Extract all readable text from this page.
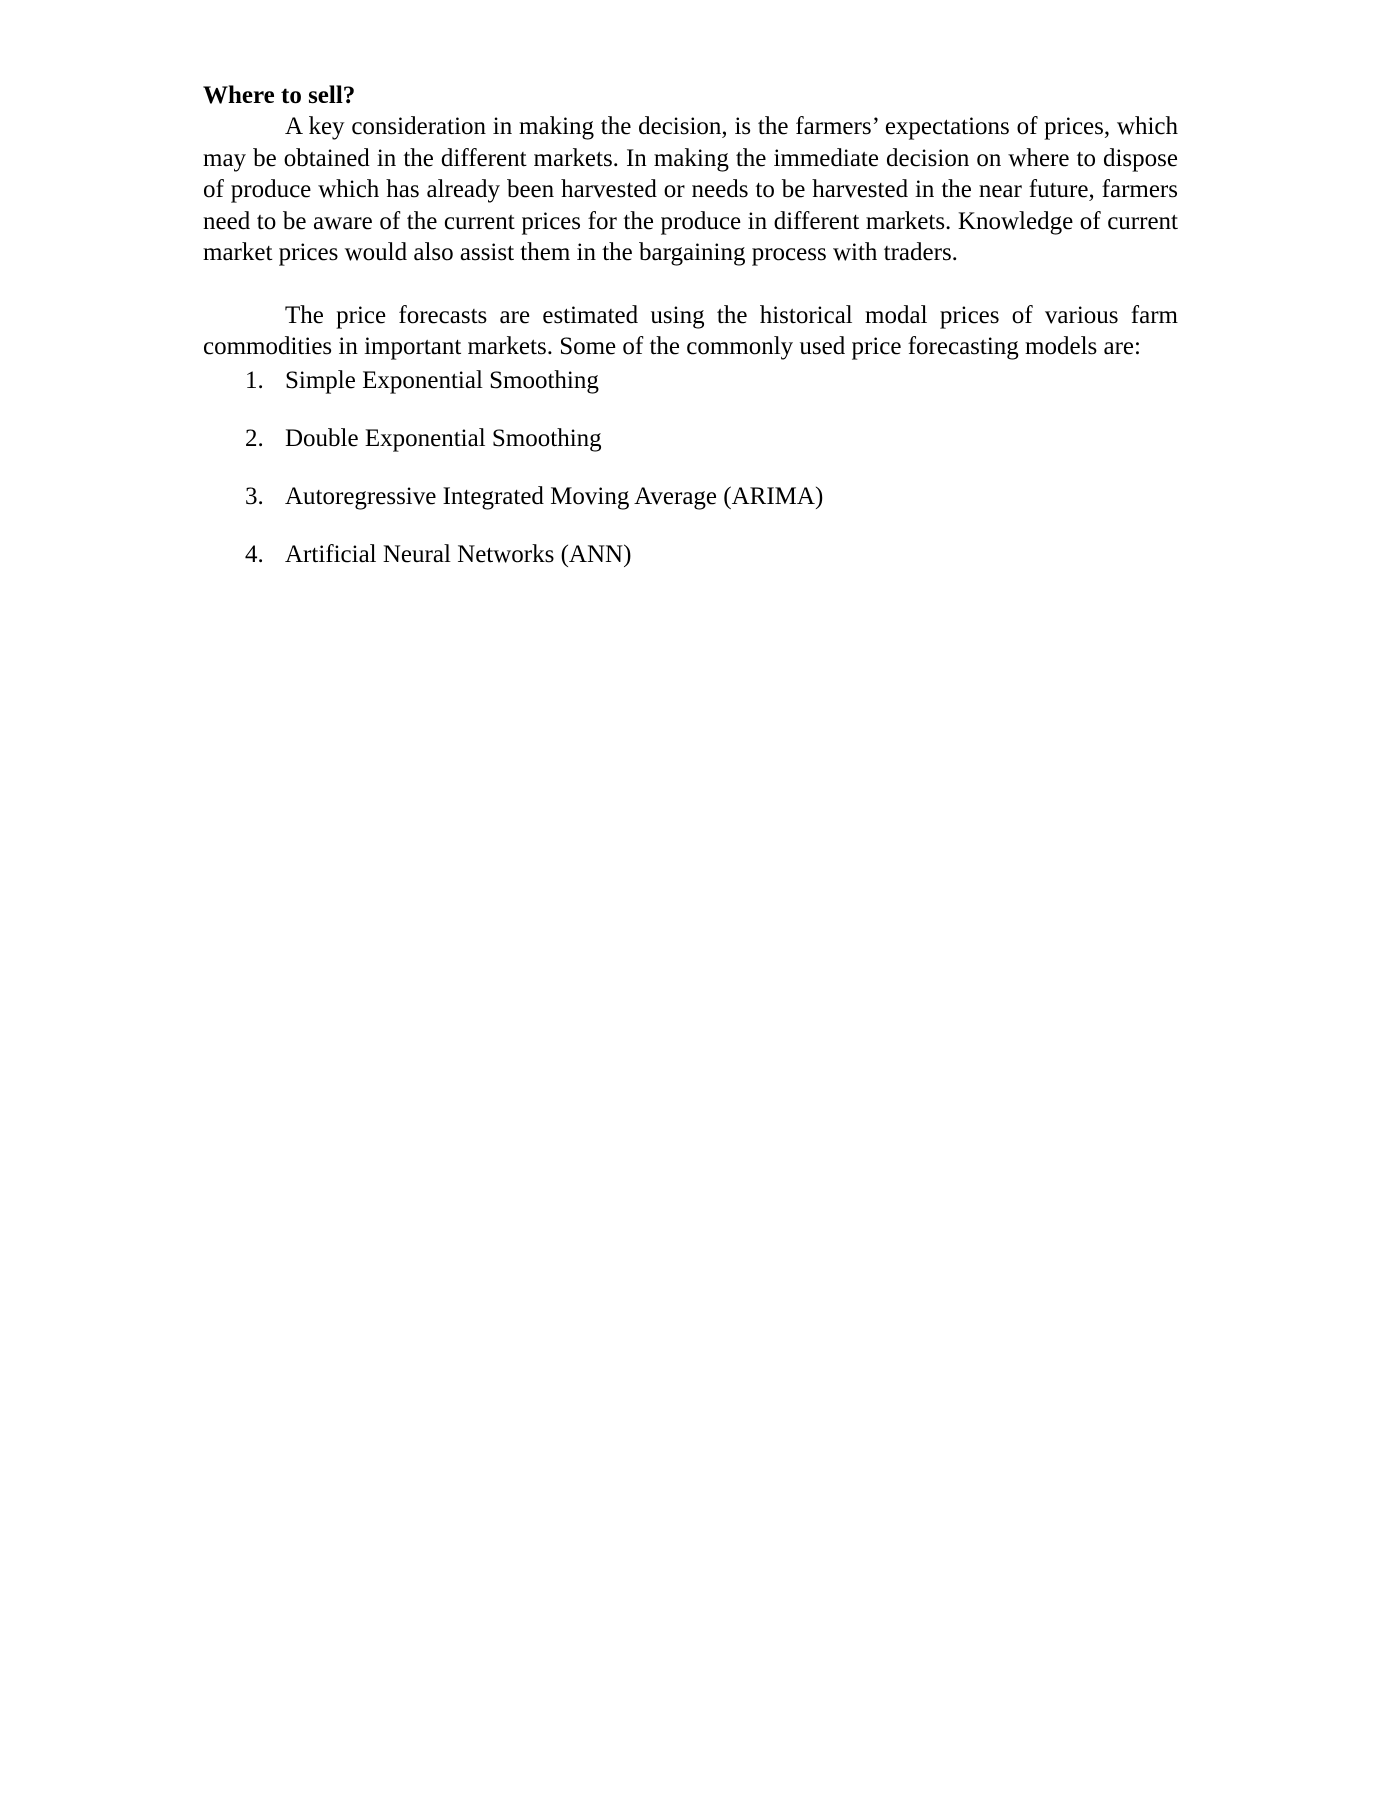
Where to sell?

A key consideration in making the decision, is the farmers’ expectations of prices, which may be obtained in the different markets. In making the immediate decision on where to dispose of produce which has already been harvested or needs to be harvested in the near future, farmers need to be aware of the current prices for the produce in different markets. Knowledge of current market prices would also assist them in the bargaining process with traders.

The price forecasts are estimated using the historical modal prices of various farm commodities in important markets. Some of the commonly used price forecasting models are:

1. Simple Exponential Smoothing
2. Double Exponential Smoothing
3. Autoregressive Integrated Moving Average (ARIMA)
4. Artificial Neural Networks (ANN)
